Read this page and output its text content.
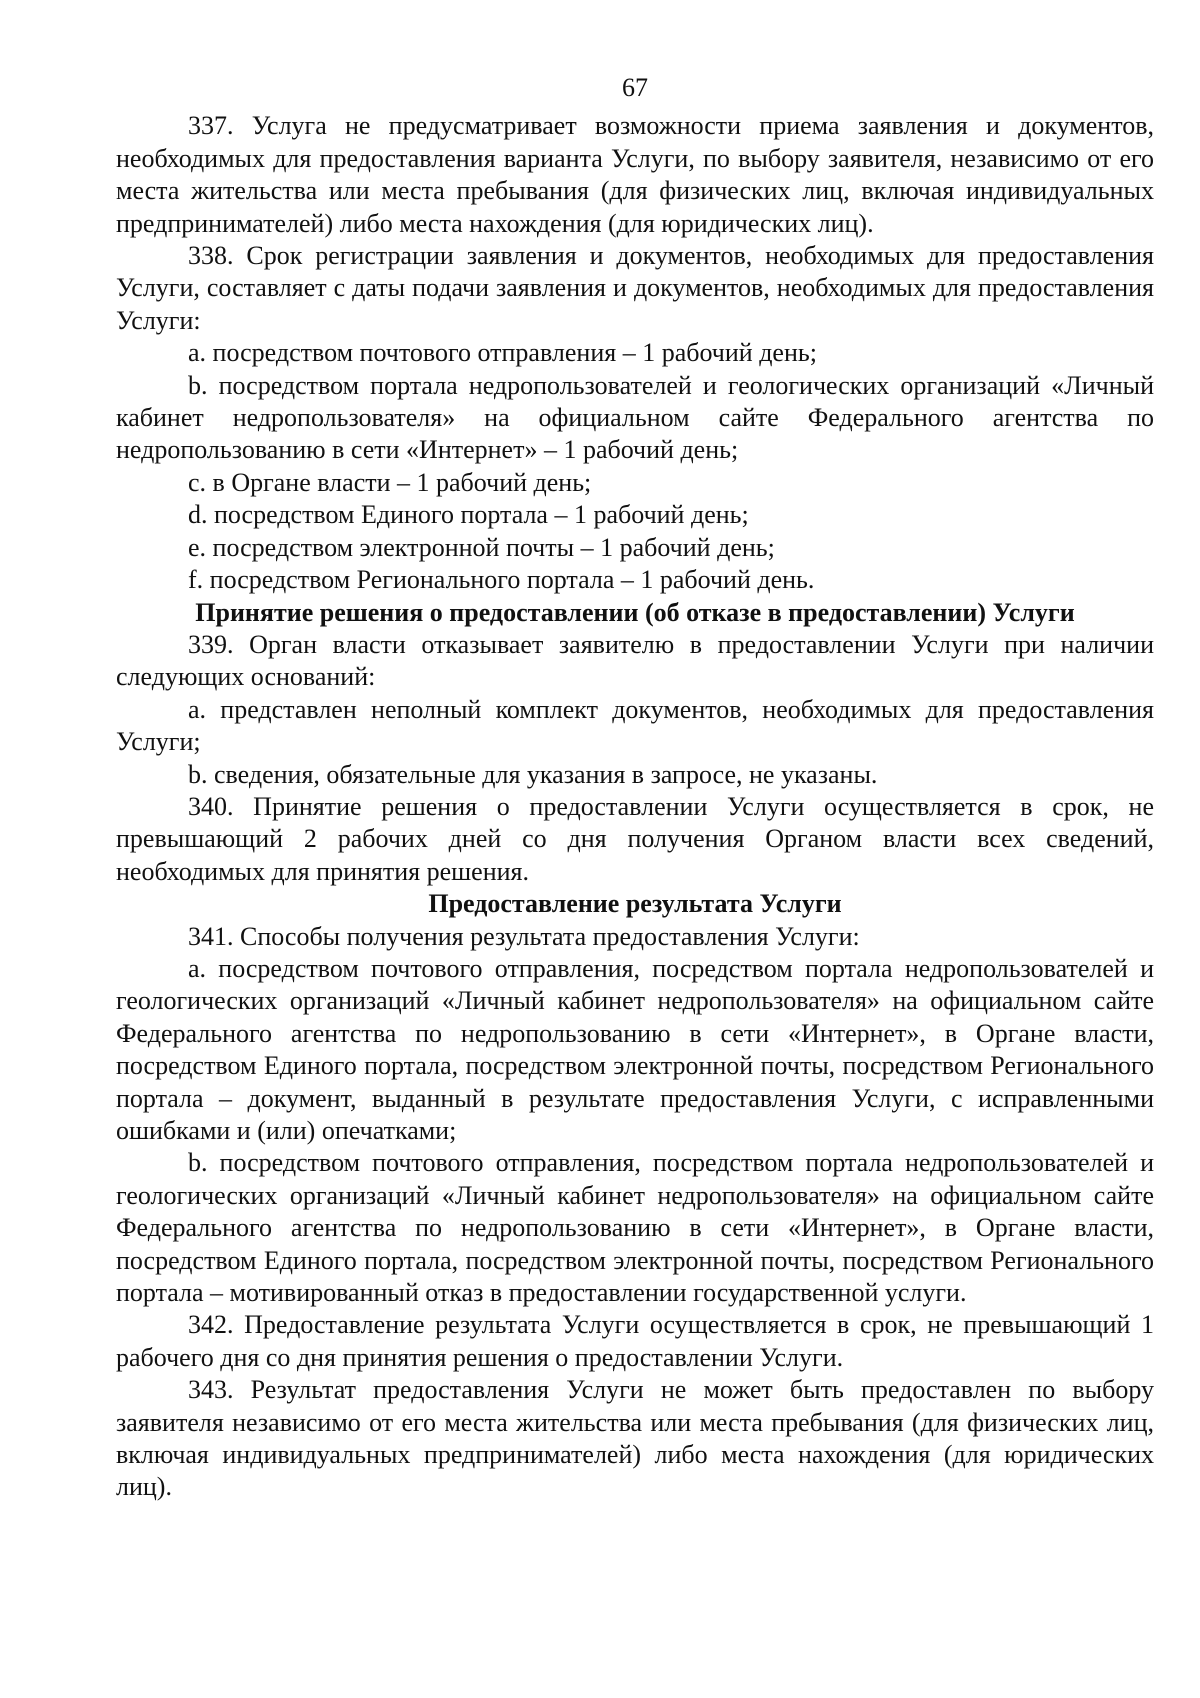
67

337. Услуга не предусматривает возможности приема заявления и документов, необходимых для предоставления варианта Услуги, по выбору заявителя, независимо от его места жительства или места пребывания (для физических лиц, включая индивидуальных предпринимателей) либо места нахождения (для юридических лиц).

338. Срок регистрации заявления и документов, необходимых для предоставления Услуги, составляет с даты подачи заявления и документов, необходимых для предоставления Услуги:

a. посредством почтового отправления – 1 рабочий день;

b. посредством портала недропользователей и геологических организаций «Личный кабинет недропользователя» на официальном сайте Федерального агентства по недропользованию в сети «Интернет» – 1 рабочий день;

c. в Органе власти – 1 рабочий день;

d. посредством Единого портала – 1 рабочий день;

e. посредством электронной почты – 1 рабочий день;

f. посредством Регионального портала – 1 рабочий день.

Принятие решения о предоставлении (об отказе в предоставлении) Услуги

339. Орган власти отказывает заявителю в предоставлении Услуги при наличии следующих оснований:

a. представлен неполный комплект документов, необходимых для предоставления Услуги;

b. сведения, обязательные для указания в запросе, не указаны.

340. Принятие решения о предоставлении Услуги осуществляется в срок, не превышающий 2 рабочих дней со дня получения Органом власти всех сведений, необходимых для принятия решения.

Предоставление результата Услуги

341. Способы получения результата предоставления Услуги:

a. посредством почтового отправления, посредством портала недропользователей и геологических организаций «Личный кабинет недропользователя» на официальном сайте Федерального агентства по недропользованию в сети «Интернет», в Органе власти, посредством Единого портала, посредством электронной почты, посредством Регионального портала – документ, выданный в результате предоставления Услуги, с исправленными ошибками и (или) опечатками;

b. посредством почтового отправления, посредством портала недропользователей и геологических организаций «Личный кабинет недропользователя» на официальном сайте Федерального агентства по недропользованию в сети «Интернет», в Органе власти, посредством Единого портала, посредством электронной почты, посредством Регионального портала – мотивированный отказ в предоставлении государственной услуги.

342. Предоставление результата Услуги осуществляется в срок, не превышающий 1 рабочего дня со дня принятия решения о предоставлении Услуги.

343. Результат предоставления Услуги не может быть предоставлен по выбору заявителя независимо от его места жительства или места пребывания (для физических лиц, включая индивидуальных предпринимателей) либо места нахождения (для юридических лиц).
